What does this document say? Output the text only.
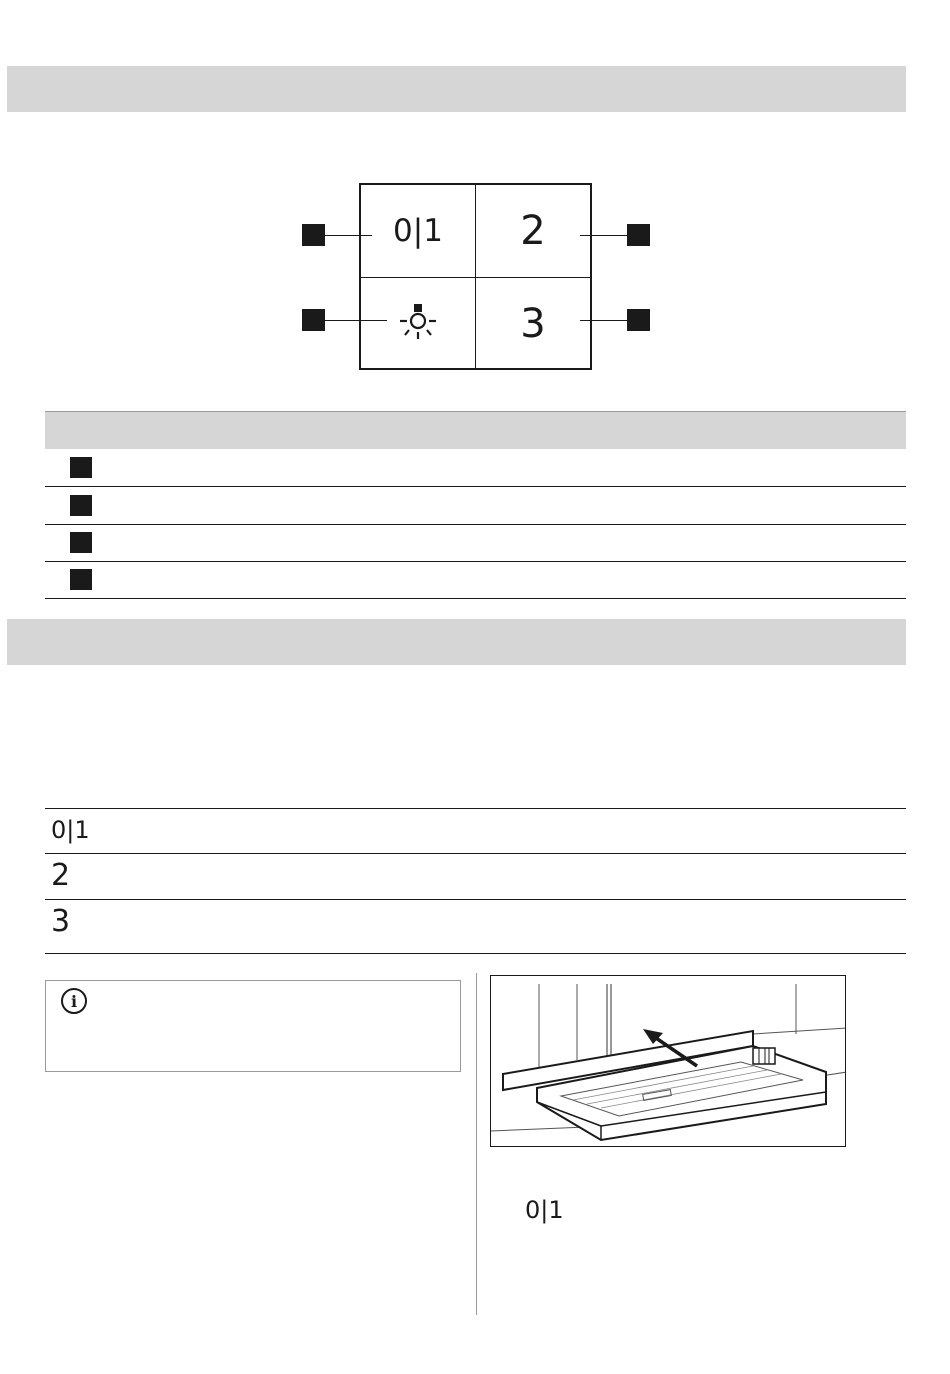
0|1 2
3
0|1
2
3
i
0|1
